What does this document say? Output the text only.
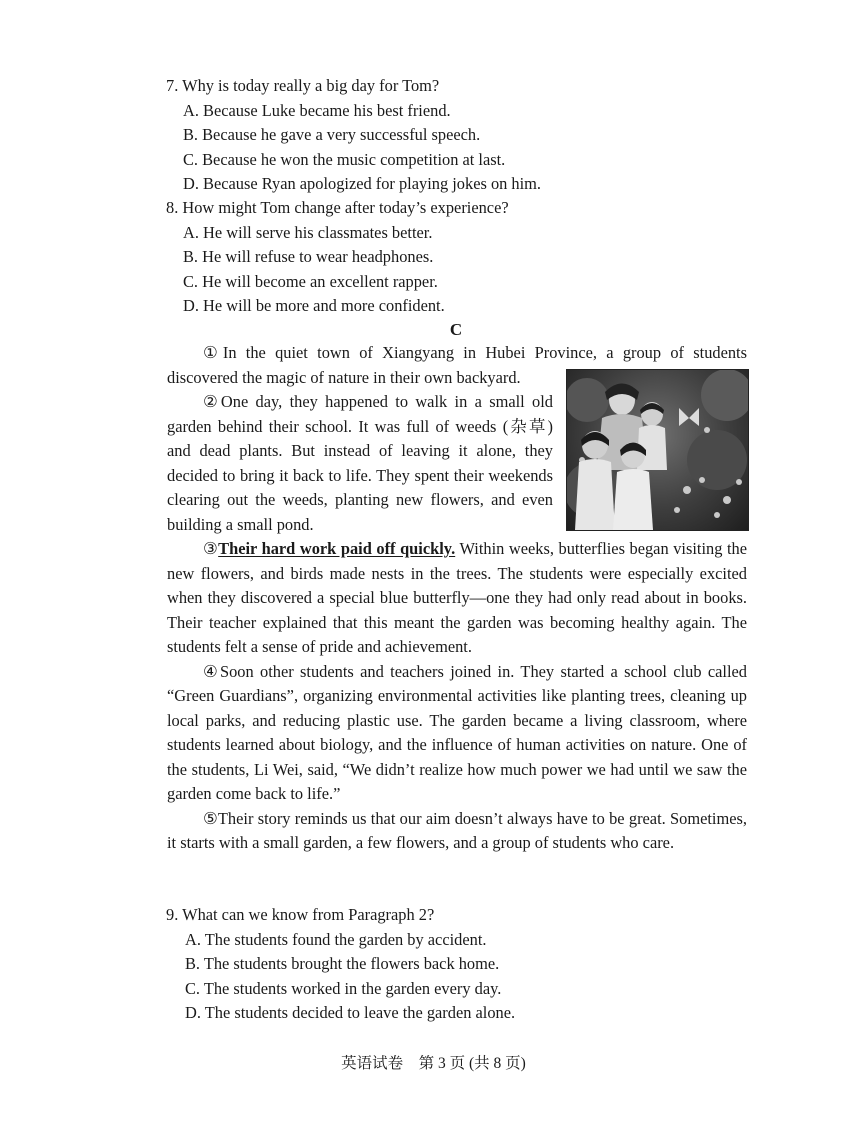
7. Why is today really a big day for Tom?
A. Because Luke became his best friend.
B. Because he gave a very successful speech.
C. Because he won the music competition at last.
D. Because Ryan apologized for playing jokes on him.
8. How might Tom change after today’s experience?
A. He will serve his classmates better.
B. He will refuse to wear headphones.
C. He will become an excellent rapper.
D. He will be more and more confident.
C

①In the quiet town of Xiangyang in Hubei Province, a group of students discovered the magic of nature in their own backyard.

②One day, they happened to walk in a small old garden behind their school. It was full of weeds (杂草) and dead plants. But instead of leaving it alone, they decided to bring it back to life. They spent their weekends clearing out the weeds, planting new flowers, and even building a small pond.

③Their hard work paid off quickly. Within weeks, butterflies began visiting the new flowers, and birds made nests in the trees. The students were especially excited when they discovered a special blue butterfly—one they had only read about in books. Their teacher explained that this meant the garden was becoming healthy again. The students felt a sense of pride and achievement.

④Soon other students and teachers joined in. They started a school club called “Green Guardians”, organizing environmental activities like planting trees, cleaning up local parks, and reducing plastic use. The garden became a living classroom, where students learned about biology, and the influence of human activities on nature. One of the students, Li Wei, said, “We didn’t realize how much power we had until we saw the garden come back to life.”

⑤Their story reminds us that our aim doesn’t always have to be great. Sometimes, it starts with a small garden, a few flowers, and a group of students who care.

9. What can we know from Paragraph 2?
A. The students found the garden by accident.
B. The students brought the flowers back home.
C. The students worked in the garden every day.
D. The students decided to leave the garden alone.
英语试卷　第 3 页 (共 8 页)
